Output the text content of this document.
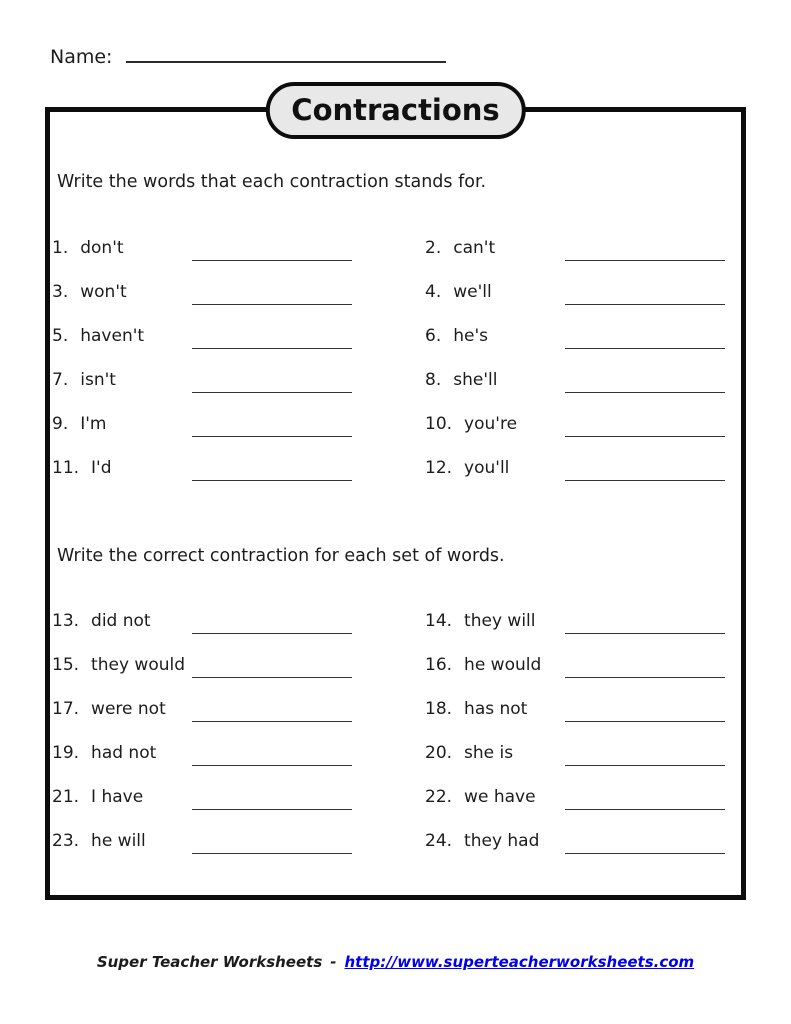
Name:
Contractions
Write the words that each contraction stands for.
1. don't	2. can't
3. won't	4. we'll
5. haven't	6. he's
7. isn't	8. she'll
9. I'm	10. you're
11. I'd	12. you'll
Write the correct contraction for each set of words.
13. did not	14. they will
15. they would	16. he would
17. were not	18. has not
19. had not	20. she is
21. I have	22. we have
23. he will	24. they had
Super Teacher Worksheets - http://www.superteacherworksheets.com
